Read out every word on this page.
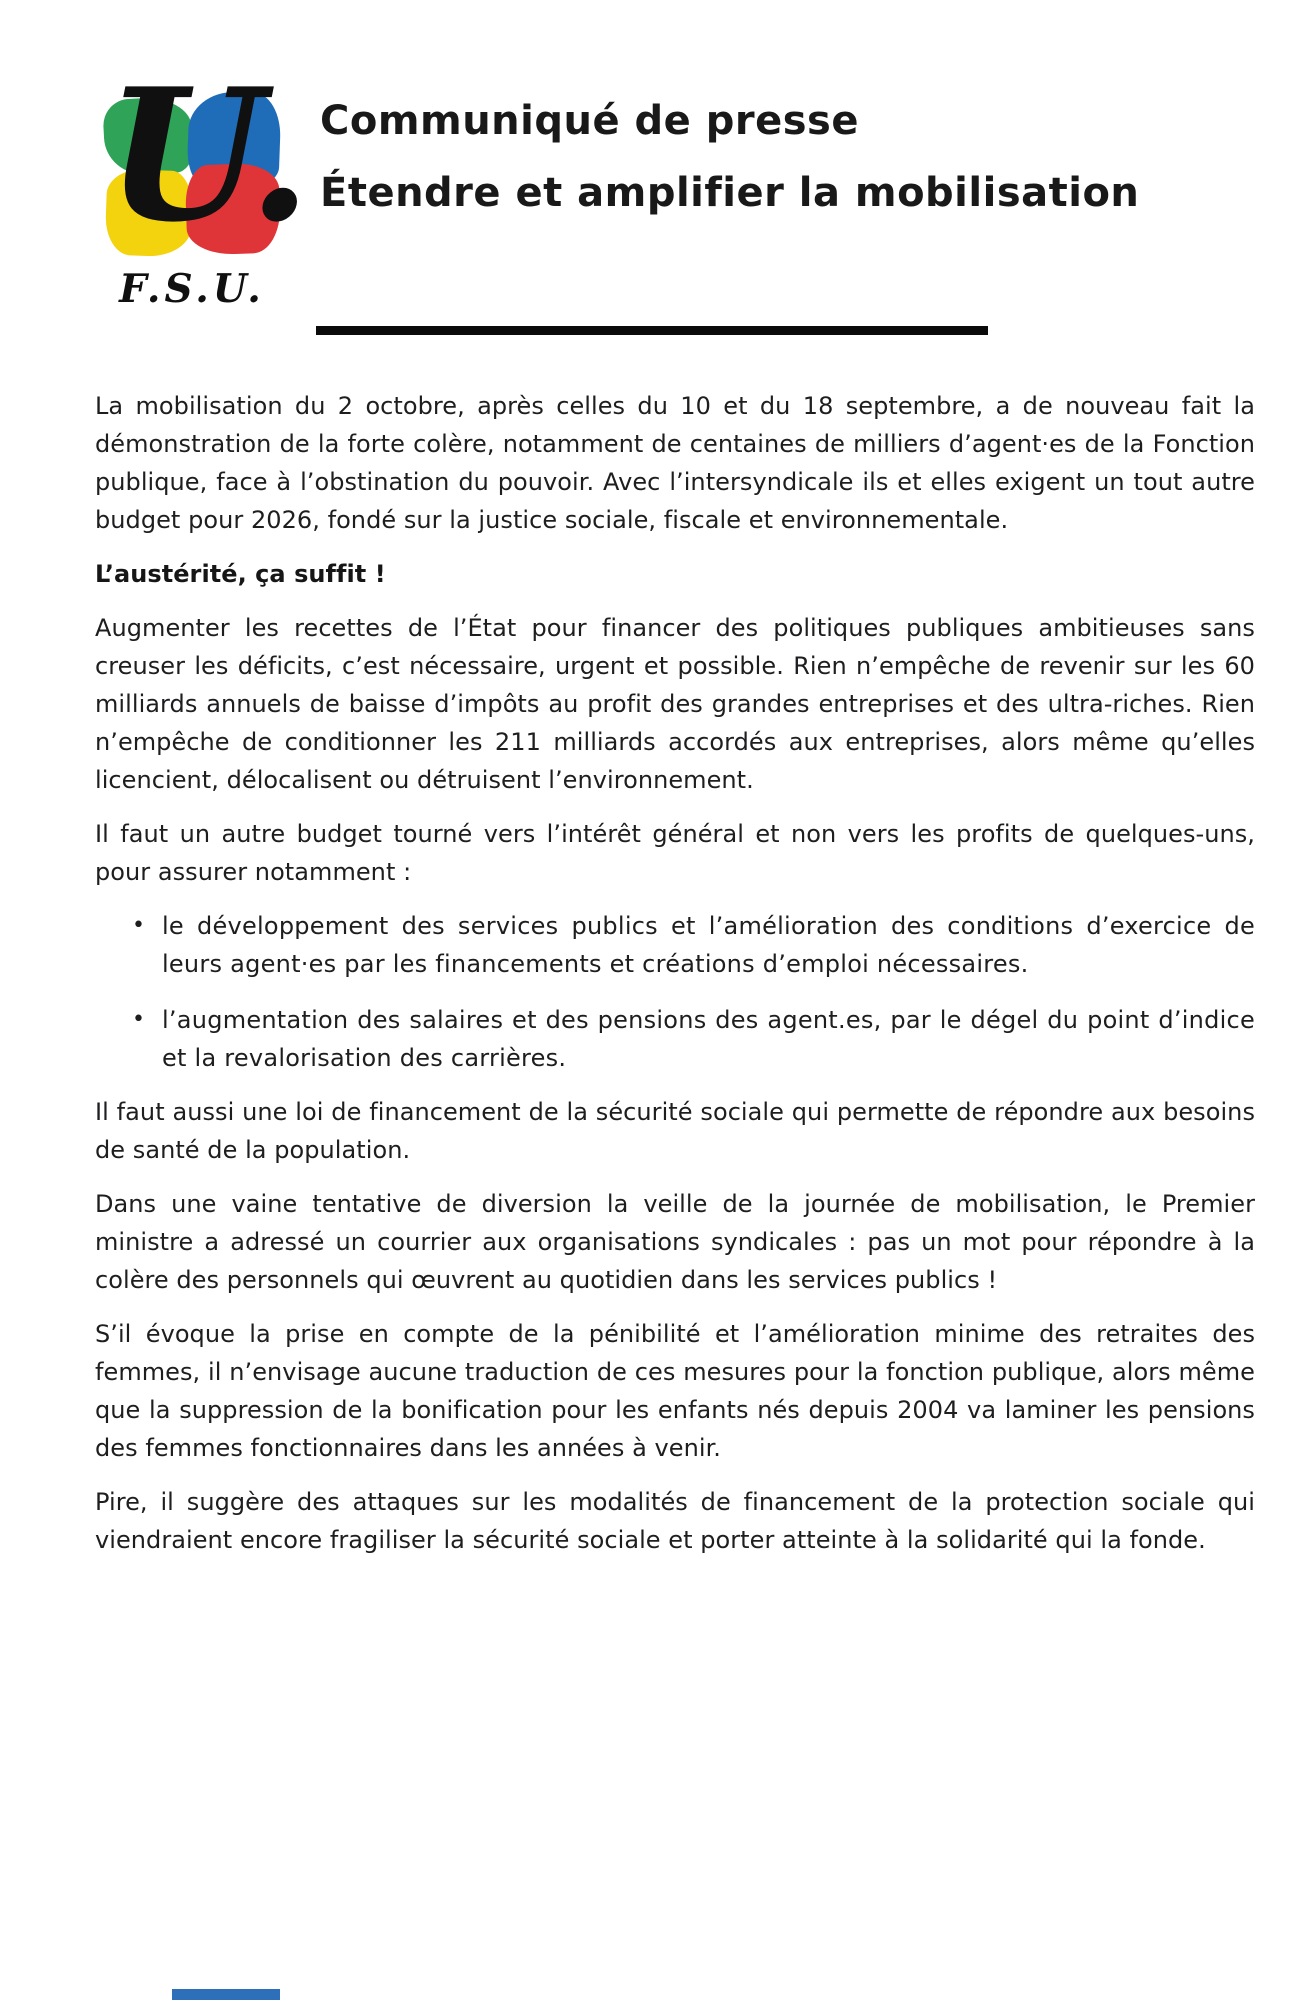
U.
F.S.U.
Communiqué de presse
Étendre et amplifier la mobilisation

La mobilisation du 2 octobre, après celles du 10 et du 18 septembre, a de nouveau fait la démonstration de la forte colère, notamment de centaines de milliers d’agent·es de la Fonction publique, face à l’obstination du pouvoir. Avec l’intersyndicale ils et elles exigent un tout autre budget pour 2026, fondé sur la justice sociale, fiscale et environnementale.

L’austérité, ça suffit !

Augmenter les recettes de l’État pour financer des politiques publiques ambitieuses sans creuser les déficits, c’est nécessaire, urgent et possible. Rien n’empêche de revenir sur les 60 milliards annuels de baisse d’impôts au profit des grandes entreprises et des ultra-riches. Rien n’empêche de conditionner les 211 milliards accordés aux entreprises, alors même qu’elles licencient, délocalisent ou détruisent l’environnement.

Il faut un autre budget tourné vers l’intérêt général et non vers les profits de quelques-uns, pour assurer notamment :

• le développement des services publics et l’amélioration des conditions d’exercice de leurs agent·es par les financements et créations d’emploi nécessaires.
• l’augmentation des salaires et des pensions des agent.es, par le dégel du point d’indice et la revalorisation des carrières.

Il faut aussi une loi de financement de la sécurité sociale qui permette de répondre aux besoins de santé de la population.

Dans une vaine tentative de diversion la veille de la journée de mobilisation, le Premier ministre a adressé un courrier aux organisations syndicales : pas un mot pour répondre à la colère des personnels qui œuvrent au quotidien dans les services publics !

S’il évoque la prise en compte de la pénibilité et l’amélioration minime des retraites des femmes, il n’envisage aucune traduction de ces mesures pour la fonction publique, alors même que la suppression de la bonification pour les enfants nés depuis 2004 va laminer les pensions des femmes fonctionnaires dans les années à venir.

Pire, il suggère des attaques sur les modalités de financement de la protection sociale qui viendraient encore fragiliser la sécurité sociale et porter atteinte à la solidarité qui la fonde.
